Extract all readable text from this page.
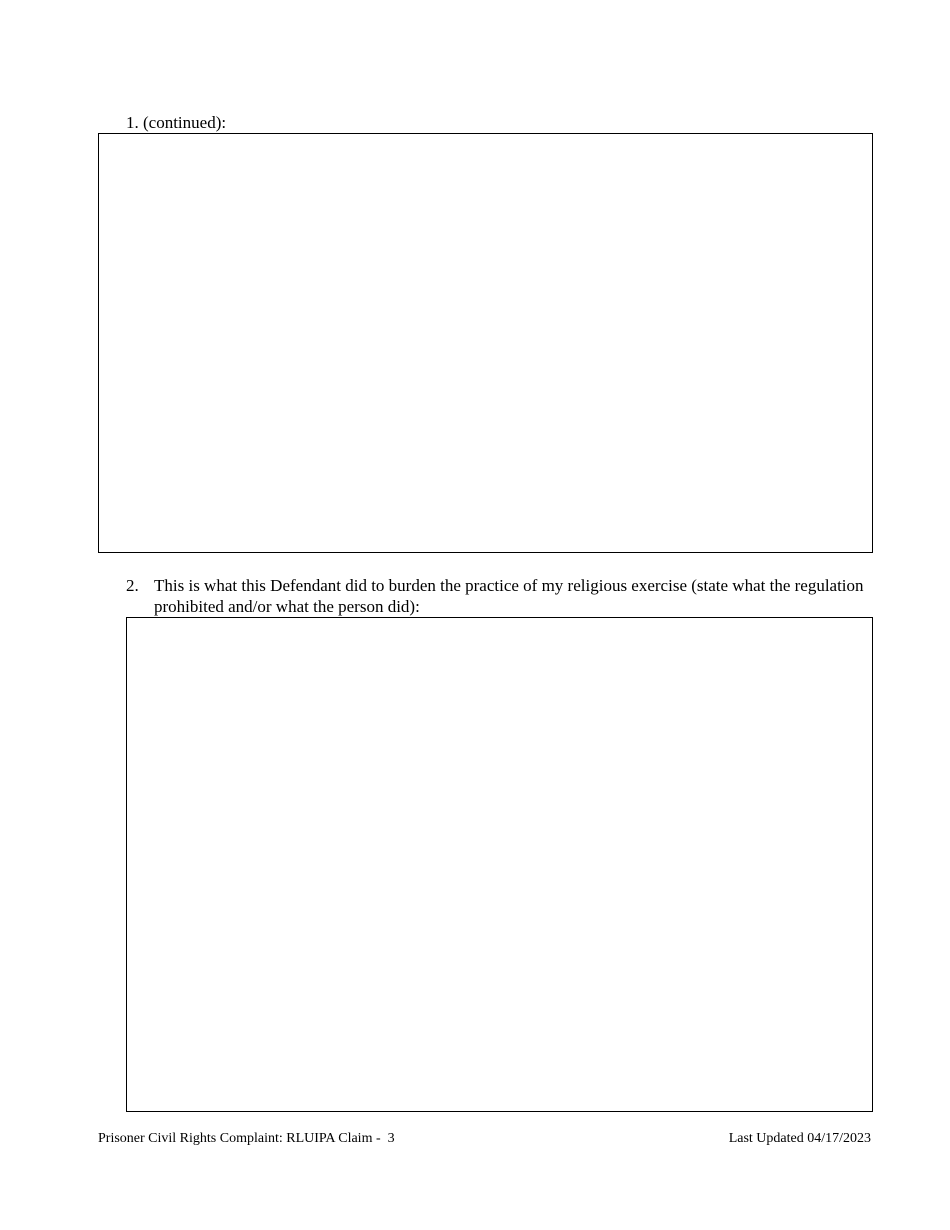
1. (continued):
2. This is what this Defendant did to burden the practice of my religious exercise (state what the regulation prohibited and/or what the person did):
Prisoner Civil Rights Complaint: RLUIPA Claim -  3	Last Updated 04/17/2023
